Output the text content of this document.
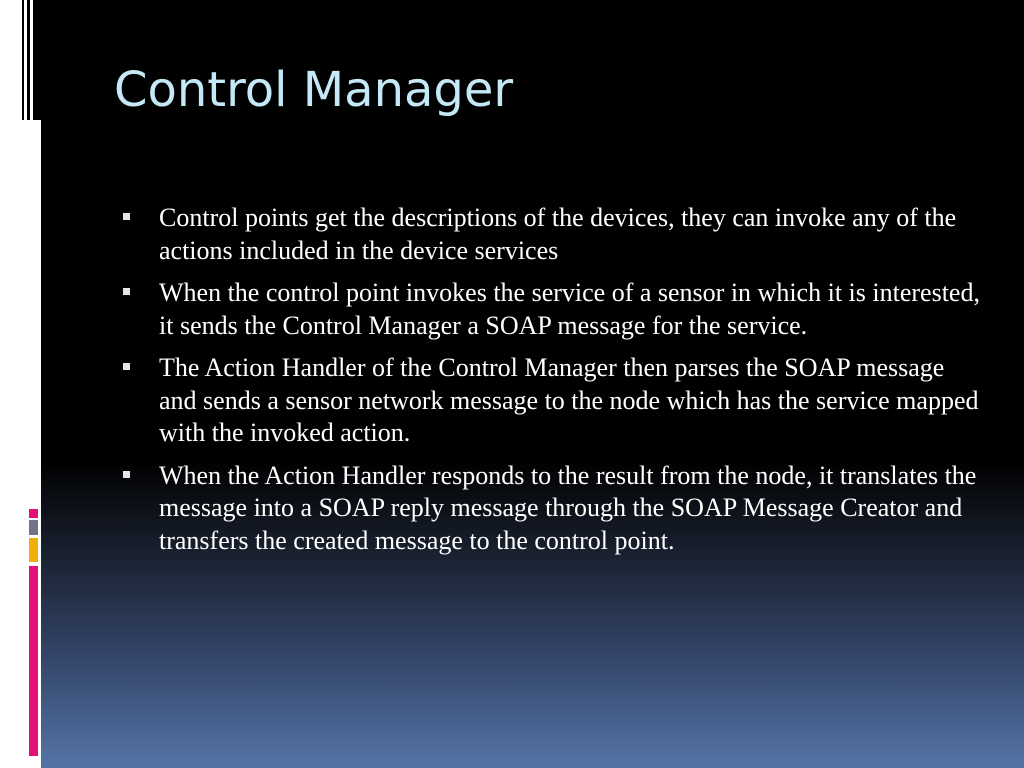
Control Manager
Control points get the descriptions of the devices, they can invoke any of the actions included in the device services
When the control point invokes the service of a sensor in which it is interested, it sends the Control Manager a SOAP message for the service.
The Action Handler of the Control Manager then parses the SOAP message and sends a sensor network message to the node which has the service mapped with the invoked action.
When the Action Handler responds to the result from the node, it translates the message into a SOAP reply message through the SOAP Message Creator and transfers the created message to the control point.
